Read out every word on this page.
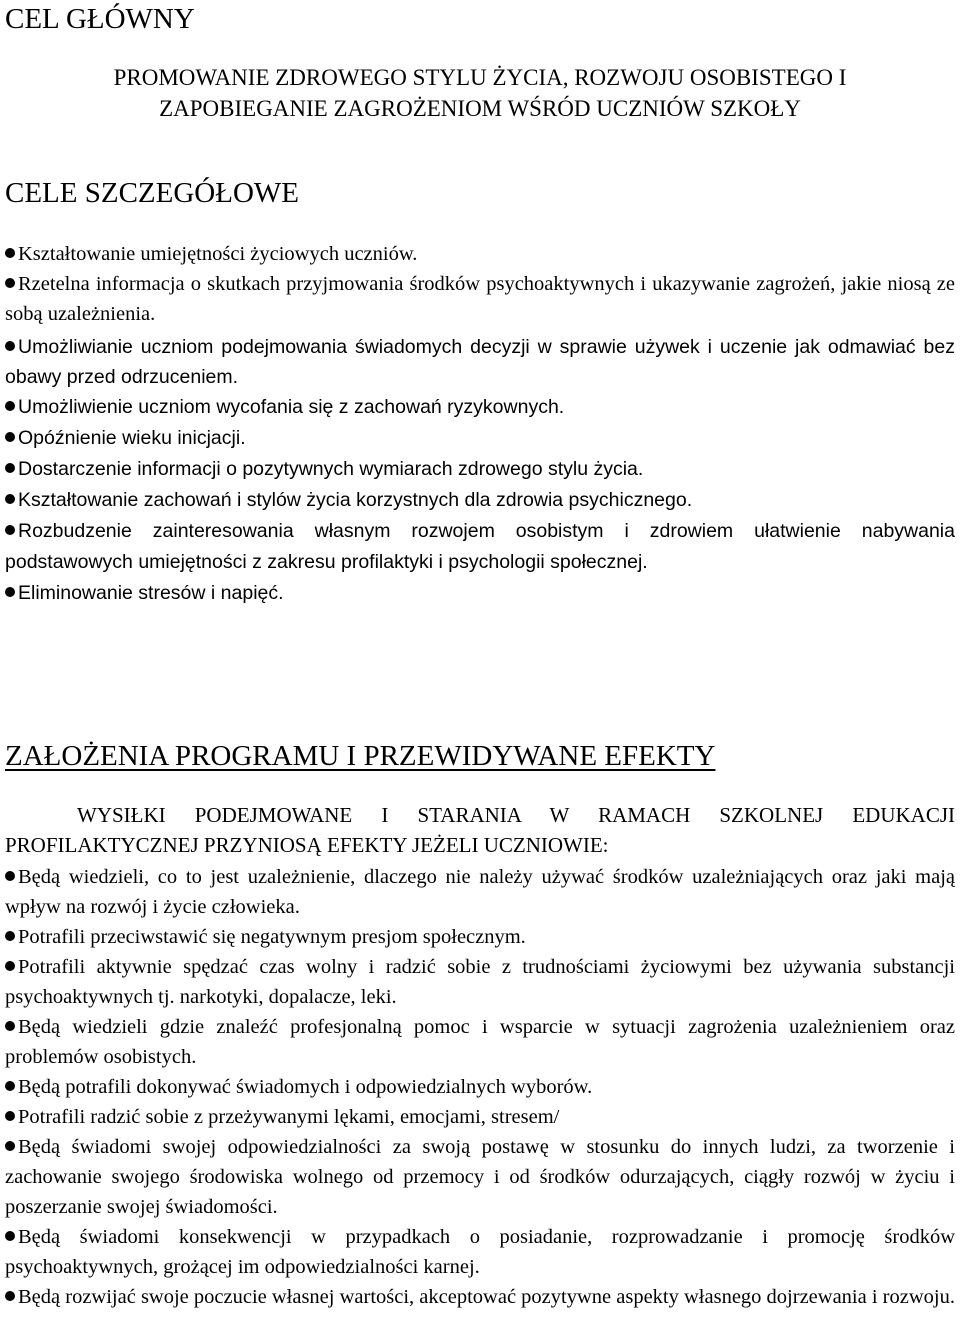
CEL GŁÓWNY
PROMOWANIE ZDROWEGO STYLU ŻYCIA, ROZWOJU OSOBISTEGO I
ZAPOBIEGANIE ZAGROŻENIOM WŚRÓD UCZNIÓW SZKOŁY
CELE SZCZEGÓŁOWE
Kształtowanie umiejętności życiowych uczniów.
Rzetelna informacja o skutkach przyjmowania środków psychoaktywnych i ukazywanie zagrożeń, jakie niosą ze sobą uzależnienia.
Umożliwianie uczniom podejmowania świadomych decyzji w sprawie używek i uczenie jak odmawiać bez obawy przed odrzuceniem.
Umożliwienie uczniom wycofania się z zachowań ryzykownych.
Opóźnienie wieku inicjacji.
Dostarczenie informacji o pozytywnych wymiarach zdrowego stylu życia.
Kształtowanie zachowań i stylów życia korzystnych dla zdrowia psychicznego.
Rozbudzenie zainteresowania własnym rozwojem osobistym i zdrowiem ułatwienie nabywania podstawowych umiejętności z zakresu profilaktyki i psychologii społecznej.
Eliminowanie stresów i napięć.
ZAŁOŻENIA PROGRAMU I PRZEWIDYWANE EFEKTY
WYSIŁKI PODEJMOWANE I STARANIA W RAMACH SZKOLNEJ EDUKACJI PROFILAKTYCZNEJ PRZYNIOSĄ EFEKTY JEŻELI UCZNIOWIE:
Będą wiedzieli, co to jest uzależnienie, dlaczego nie należy używać środków uzależniających oraz jaki mają wpływ na rozwój i życie człowieka.
Potrafili przeciwstawić się negatywnym presjom społecznym.
Potrafili aktywnie spędzać czas wolny i radzić sobie z trudnościami życiowymi bez używania substancji psychoaktywnych tj. narkotyki, dopalacze, leki.
Będą wiedzieli gdzie znaleźć profesjonalną pomoc i wsparcie w sytuacji zagrożenia uzależnieniem oraz problemów osobistych.
Będą potrafili dokonywać świadomych i odpowiedzialnych wyborów.
Potrafili radzić sobie z przeżywanymi lękami, emocjami, stresem/
Będą świadomi swojej odpowiedzialności za swoją postawę w stosunku do innych ludzi, za tworzenie i zachowanie swojego środowiska wolnego od przemocy i od środków odurzających, ciągły rozwój w życiu i poszerzanie swojej świadomości.
Będą świadomi konsekwencji w przypadkach o posiadanie, rozprowadzanie i promocję środków psychoaktywnych, grożącej im odpowiedzialności karnej.
Będą rozwijać swoje poczucie własnej wartości, akceptować pozytywne aspekty własnego dojrzewania i rozwoju.
